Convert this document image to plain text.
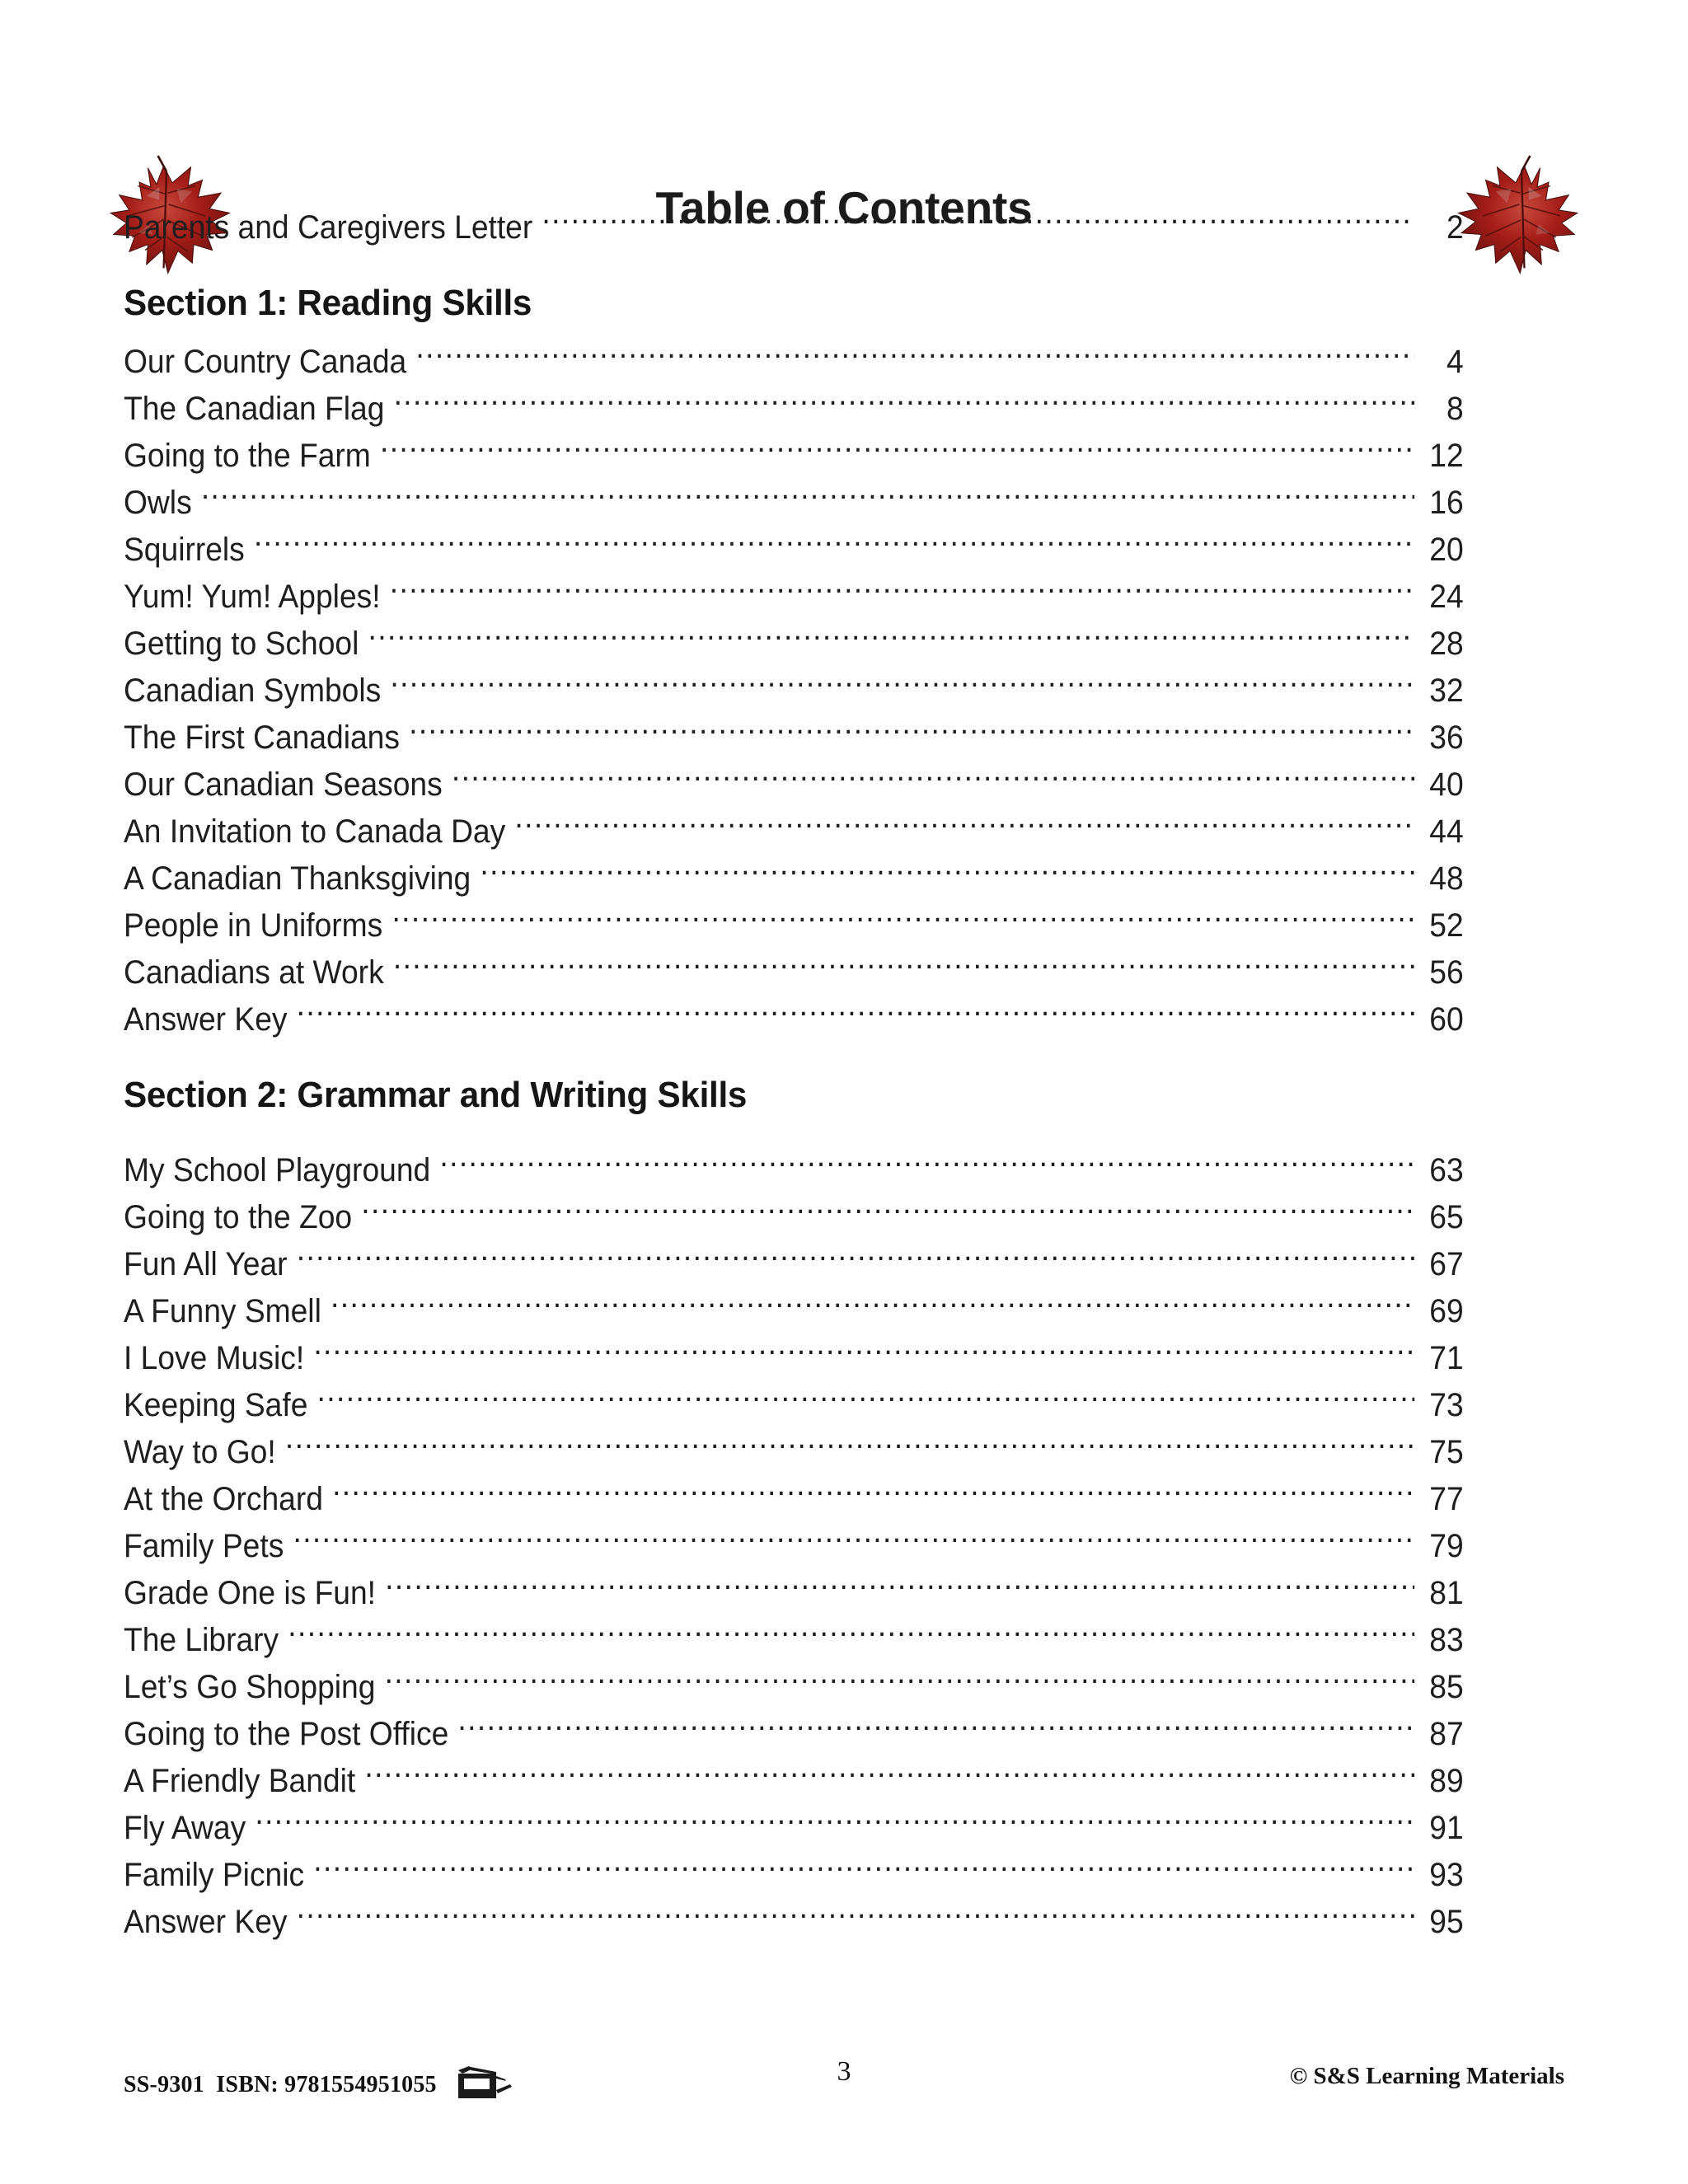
Table of Contents
Parents and Caregivers Letter .....	2
Section 1: Reading Skills
Our Country Canada .....	4
The Canadian Flag .....	8
Going to the Farm .....	12
Owls .....	16
Squirrels .....	20
Yum! Yum! Apples! .....	24
Getting to School .....	28
Canadian Symbols .....	32
The First Canadians .....	36
Our Canadian Seasons .....	40
An Invitation to Canada Day .....	44
A Canadian Thanksgiving .....	48
People in Uniforms .....	52
Canadians at Work .....	56
Answer Key .....	60
Section 2: Grammar and Writing Skills
My School Playground .....	63
Going to the Zoo .....	65
Fun All Year .....	67
A Funny Smell .....	69
I Love Music! .....	71
Keeping Safe .....	73
Way to Go! .....	75
At the Orchard .....	77
Family Pets .....	79
Grade One is Fun! .....	81
The Library .....	83
Let’s Go Shopping .....	85
Going to the Post Office .....	87
A Friendly Bandit .....	89
Fly Away .....	91
Family Picnic .....	93
Answer Key .....	95
SS-9301  ISBN: 9781554951055	3	© S&S Learning Materials
